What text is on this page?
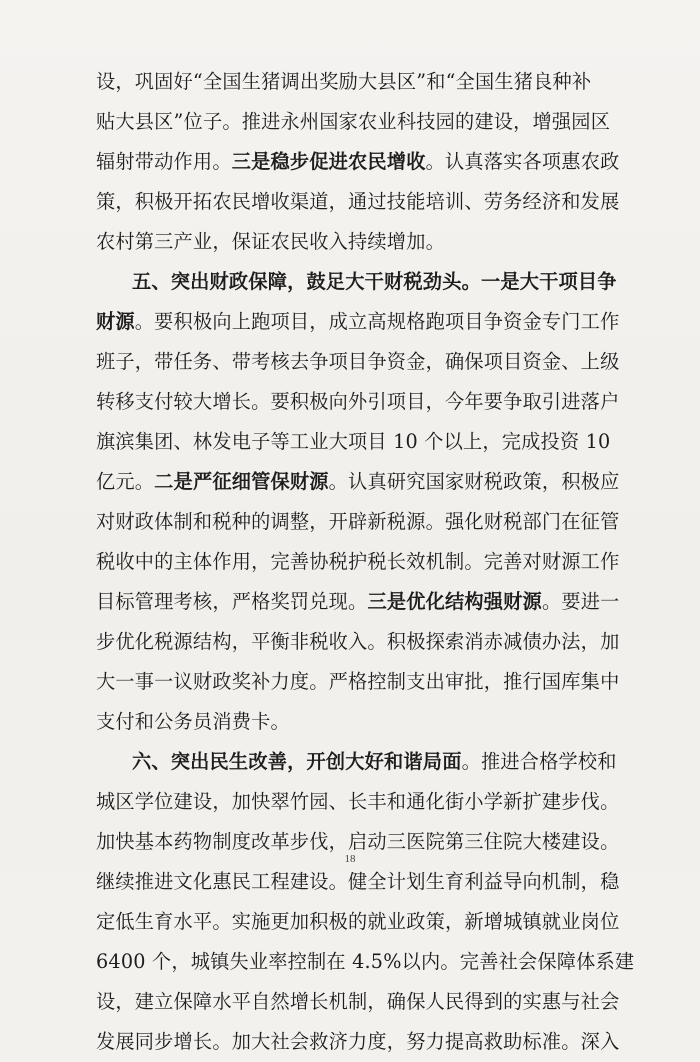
设，巩固好“全国生猪调出奖励大县区”和“全国生猪良种补
贴大县区”位子。推进永州国家农业科技园的建设，增强园区
辐射带动作用。三是稳步促进农民增收。认真落实各项惠农政
策，积极开拓农民增收渠道，通过技能培训、劳务经济和发展
农村第三产业，保证农民收入持续增加。
五、突出财政保障，鼓足大干财税劲头。一是大干项目争
财源。要积极向上跑项目，成立高规格跑项目争资金专门工作
班子，带任务、带考核去争项目争资金，确保项目资金、上级
转移支付较大增长。要积极向外引项目，今年要争取引进落户
旗滨集团、林发电子等工业大项目 10 个以上，完成投资 10
亿元。二是严征细管保财源。认真研究国家财税政策，积极应
对财政体制和税种的调整，开辟新税源。强化财税部门在征管
税收中的主体作用，完善协税护税长效机制。完善对财源工作
目标管理考核，严格奖罚兑现。三是优化结构强财源。要进一
步优化税源结构，平衡非税收入。积极探索消赤减债办法，加
大一事一议财政奖补力度。严格控制支出审批，推行国库集中
支付和公务员消费卡。
六、突出民生改善，开创大好和谐局面。推进合格学校和
城区学位建设，加快翠竹园、长丰和通化街小学新扩建步伐。
加快基本药物制度改革步伐，启动三医院第三住院大楼建设。
继续推进文化惠民工程建设。健全计划生育利益导向机制，稳
定低生育水平。实施更加积极的就业政策，新增城镇就业岗位
6400 个，城镇失业率控制在 4.5%以内。完善社会保障体系建
设，建立保障水平自然增长机制，确保人民得到的实惠与社会
发展同步增长。加大社会救济力度，努力提高救助标准。深入
18
